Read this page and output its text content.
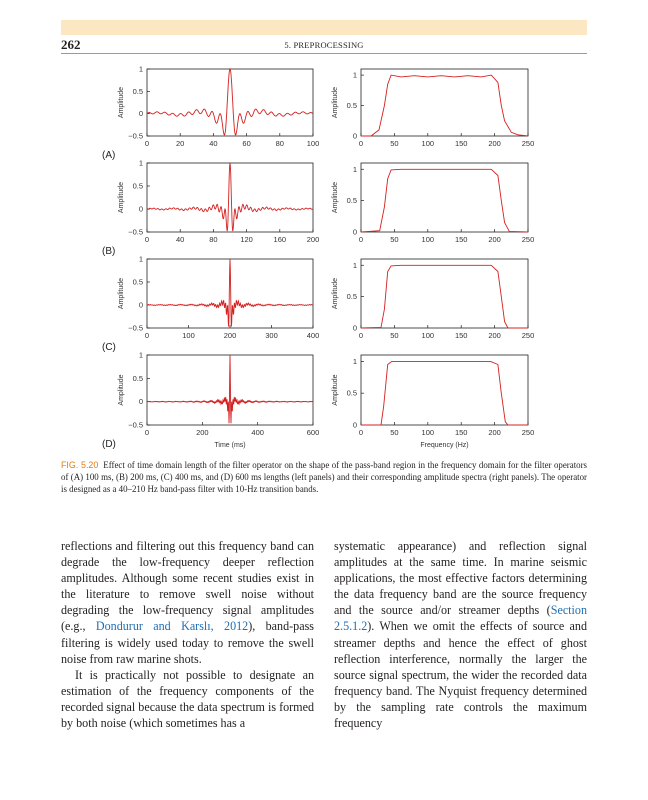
262	5. PREPROCESSING
−0.5
0
0.5
1
0	20	40	60	80	100
Amplitude
(A)
0
0.5
1
0	50	100	150	200	250
Amplitude
−0.5
0
0.5
1
0	40	80	120	160	200
Amplitude
(B)
0
0.5
1
0	50	100	150	200	250
Amplitude
−0.5
0
0.5
1
0	100	200	300	400
Amplitude
(C)
0
0.5
1
0	50	100	150	200	250
Amplitude
−0.5
0
0.5
1
0	200	400	600
Amplitude
Time (ms)
(D)
0
0.5
1
0	50	100	150	200	250
Amplitude
Frequency (Hz)
FIG. 5.20 Effect of time domain length of the filter operator on the shape of the pass-band region in the frequency domain for the filter operators of (A) 100 ms, (B) 200 ms, (C) 400 ms, and (D) 600 ms lengths (left panels) and their corresponding amplitude spectra (right panels). The operator is designed as a 40–210 Hz band-pass filter with 10-Hz transition bands.

reflections and filtering out this frequency band can degrade the low-frequency deeper reflection amplitudes. Although some recent studies exist in the literature to remove swell noise without degrading the low-frequency signal amplitudes (e.g., Dondurur and Karslı, 2012), band-pass filtering is widely used today to remove the swell noise from raw marine shots.

It is practically not possible to designate an estimation of the frequency components of the recorded signal because the data spectrum is formed by both noise (which sometimes has a

systematic appearance) and reflection signal amplitudes at the same time. In marine seismic applications, the most effective factors determining the data frequency band are the source frequency and the source and/or streamer depths (Section 2.5.1.2). When we omit the effects of source and streamer depths and hence the effect of ghost reflection interference, normally the larger the source signal spectrum, the wider the recorded data frequency band. The Nyquist frequency determined by the sampling rate controls the maximum frequency
